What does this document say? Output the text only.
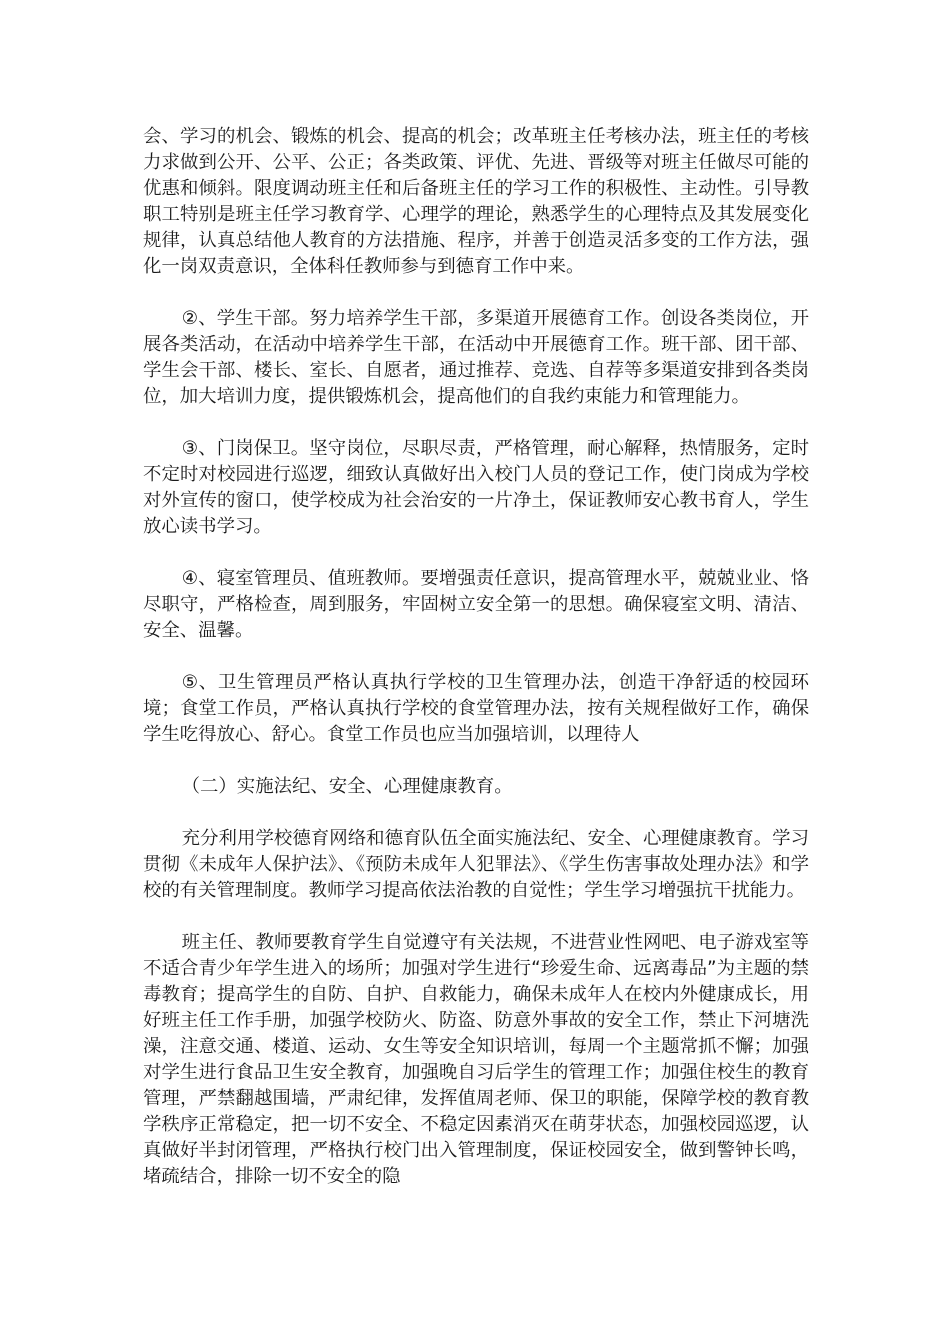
会、学习的机会、锻炼的机会、提高的机会；改革班主任考核办法，班主任的考核力求做到公开、公平、公正；各类政策、评优、先进、晋级等对班主任做尽可能的优惠和倾斜。限度调动班主任和后备班主任的学习工作的积极性、主动性。引导教职工特别是班主任学习教育学、心理学的理论，熟悉学生的心理特点及其发展变化规律，认真总结他人教育的方法措施、程序，并善于创造灵活多变的工作方法，强化一岗双责意识，全体科任教师参与到德育工作中来。

②、学生干部。努力培养学生干部，多渠道开展德育工作。创设各类岗位，开展各类活动，在活动中培养学生干部，在活动中开展德育工作。班干部、团干部、学生会干部、楼长、室长、自愿者，通过推荐、竞选、自荐等多渠道安排到各类岗位，加大培训力度，提供锻炼机会，提高他们的自我约束能力和管理能力。

③、门岗保卫。坚守岗位，尽职尽责，严格管理，耐心解释，热情服务，定时不定时对校园进行巡逻，细致认真做好出入校门人员的登记工作，使门岗成为学校对外宣传的窗口，使学校成为社会治安的一片净土，保证教师安心教书育人，学生放心读书学习。

④、寝室管理员、值班教师。要增强责任意识，提高管理水平，兢兢业业、恪尽职守，严格检查，周到服务，牢固树立安全第一的思想。确保寝室文明、清洁、安全、温馨。

⑤、卫生管理员严格认真执行学校的卫生管理办法，创造干净舒适的校园环境；食堂工作员，严格认真执行学校的食堂管理办法，按有关规程做好工作，确保学生吃得放心、舒心。食堂工作员也应当加强培训，以理待人

（二）实施法纪、安全、心理健康教育。

充分利用学校德育网络和德育队伍全面实施法纪、安全、心理健康教育。学习贯彻《未成年人保护法》、《预防未成年人犯罪法》、《学生伤害事故处理办法》和学校的有关管理制度。教师学习提高依法治教的自觉性；学生学习增强抗干扰能力。

班主任、教师要教育学生自觉遵守有关法规，不进营业性网吧、电子游戏室等不适合青少年学生进入的场所；加强对学生进行“珍爱生命、远离毒品”为主题的禁毒教育；提高学生的自防、自护、自救能力，确保未成年人在校内外健康成长，用好班主任工作手册，加强学校防火、防盗、防意外事故的安全工作，禁止下河塘洗澡，注意交通、楼道、运动、女生等安全知识培训，每周一个主题常抓不懈；加强对学生进行食品卫生安全教育，加强晚自习后学生的管理工作；加强住校生的教育管理，严禁翻越围墙，严肃纪律，发挥值周老师、保卫的职能，保障学校的教育教学秩序正常稳定，把一切不安全、不稳定因素消灭在萌芽状态，加强校园巡逻，认真做好半封闭管理，严格执行校门出入管理制度，保证校园安全，做到警钟长鸣，堵疏结合，排除一切不安全的隐
